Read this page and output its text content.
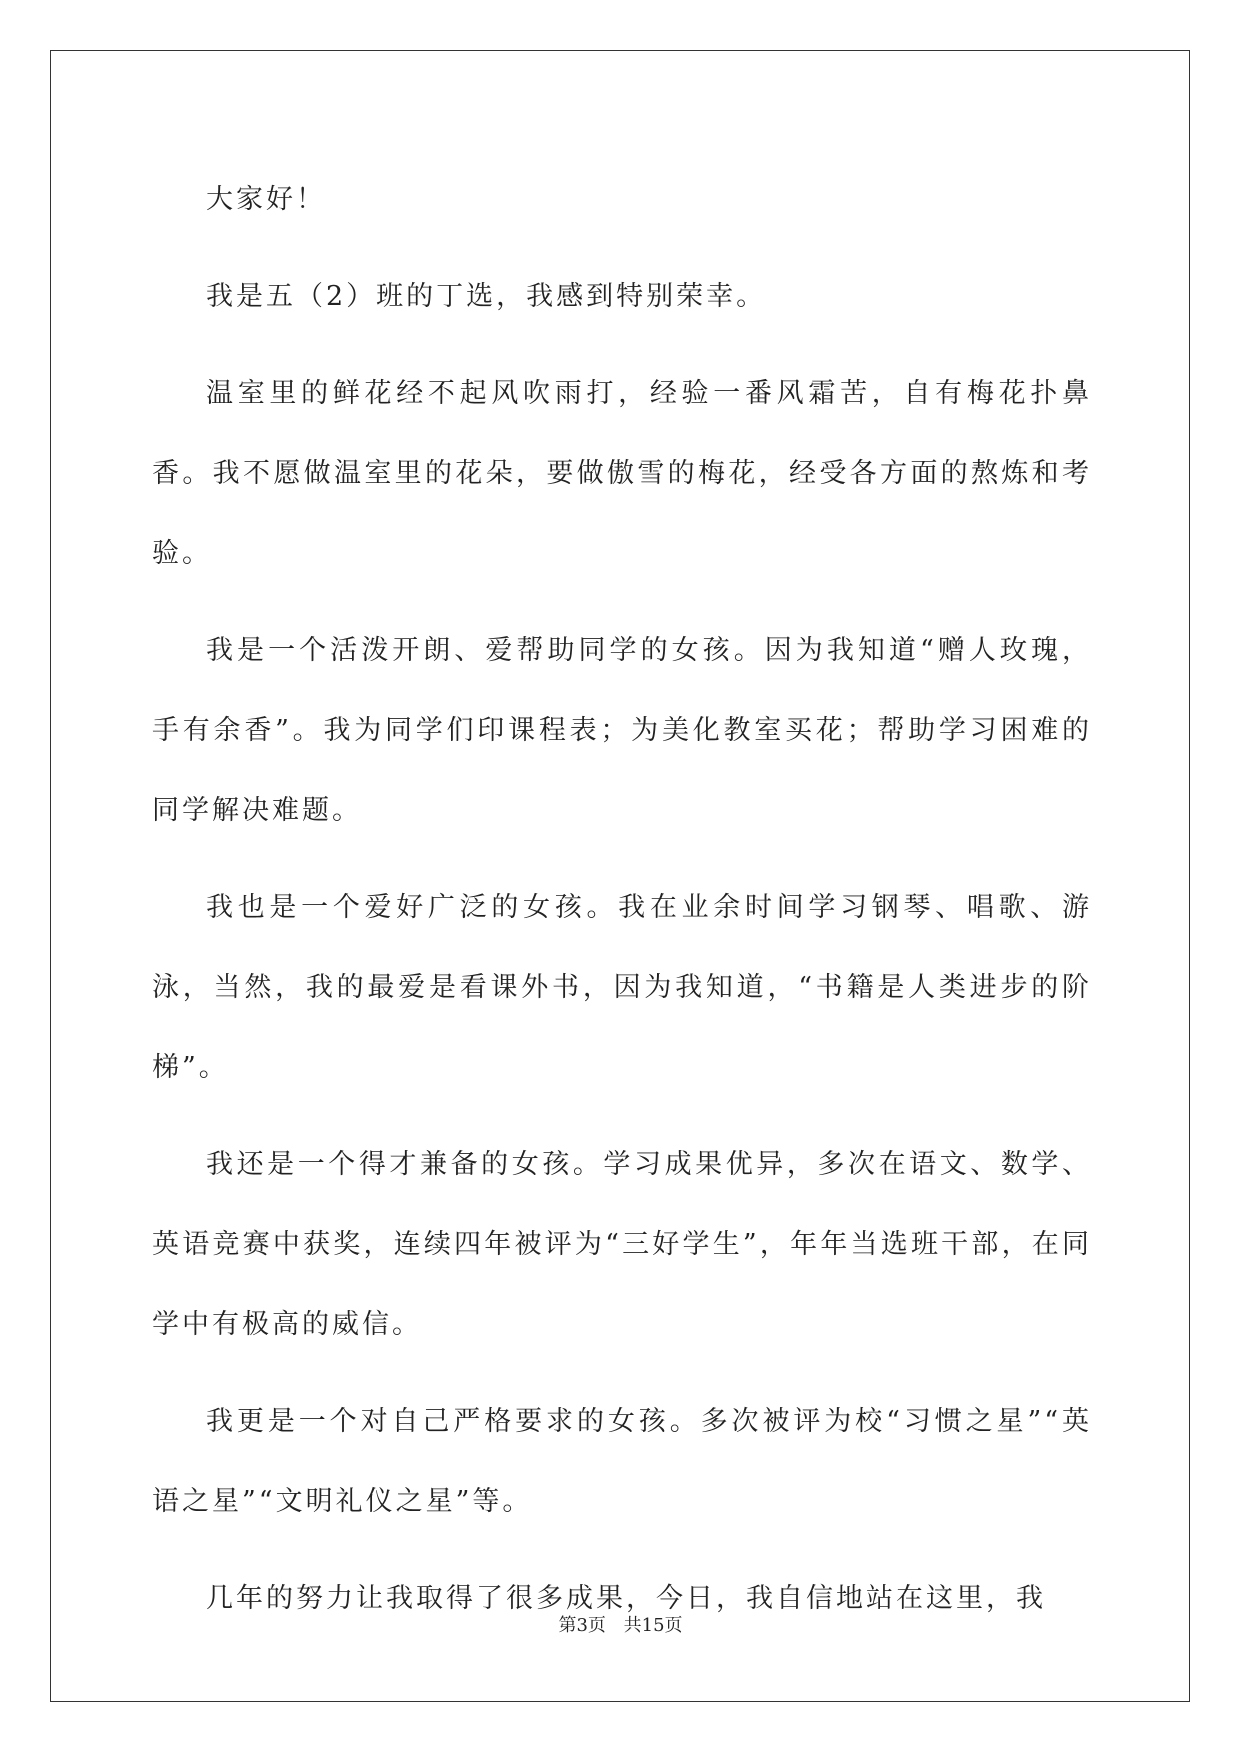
大家好！

我是五（2）班的丁选，我感到特别荣幸。

温室里的鲜花经不起风吹雨打，经验一番风霜苦，自有梅花扑鼻香。我不愿做温室里的花朵，要做傲雪的梅花，经受各方面的熬炼和考验。

我是一个活泼开朗、爱帮助同学的女孩。因为我知道“赠人玫瑰，手有余香”。我为同学们印课程表；为美化教室买花；帮助学习困难的同学解决难题。

我也是一个爱好广泛的女孩。我在业余时间学习钢琴、唱歌、游泳，当然，我的最爱是看课外书，因为我知道，“书籍是人类进步的阶梯”。

我还是一个得才兼备的女孩。学习成果优异，多次在语文、数学、英语竞赛中获奖，连续四年被评为“三好学生”，年年当选班干部，在同学中有极高的威信。

我更是一个对自己严格要求的女孩。多次被评为校“习惯之星”“英语之星”“文明礼仪之星”等。

几年的努力让我取得了很多成果，今日，我自信地站在这里，我

第3页 共15页
